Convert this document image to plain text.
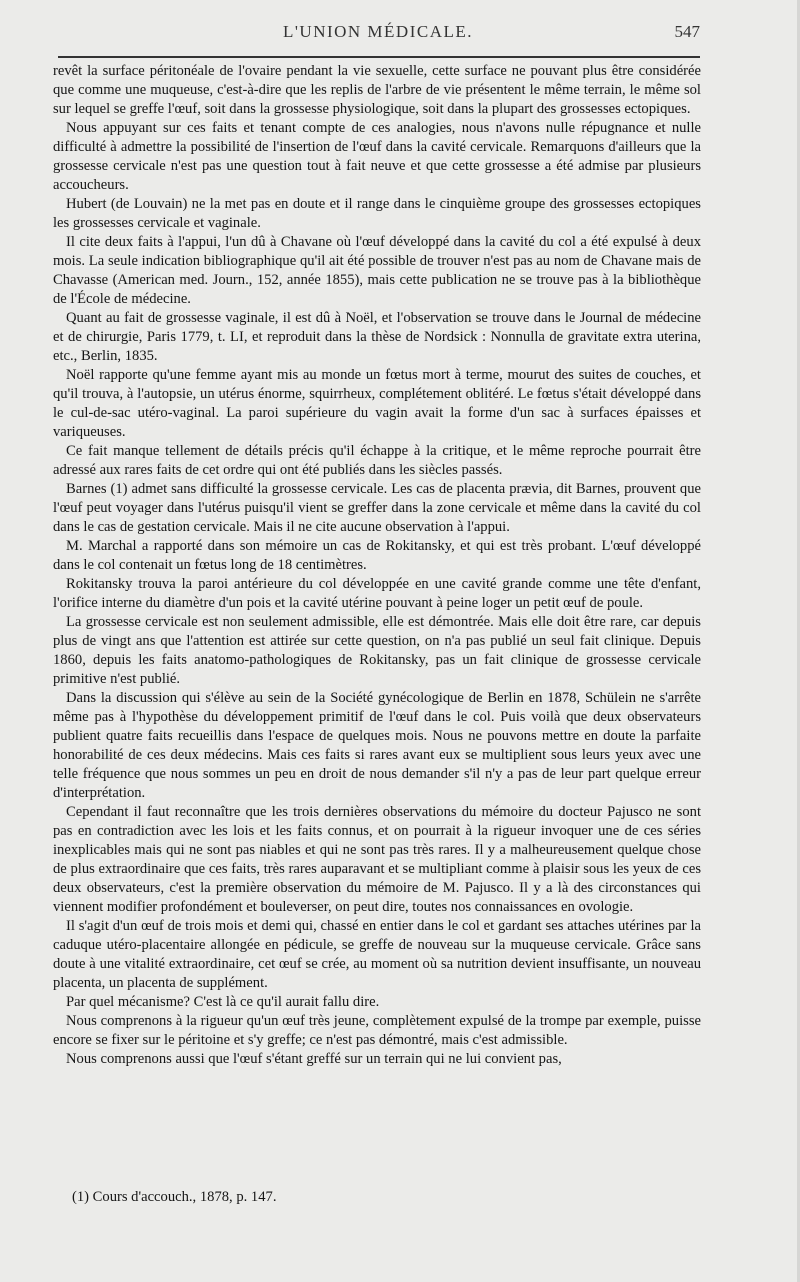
L'UNION MÉDICALE.	547

revêt la surface péritonéale de l'ovaire pendant la vie sexuelle, cette surface ne pouvant plus être considérée que comme une muqueuse, c'est-à-dire que les replis de l'arbre de vie présentent le même terrain, le même sol sur lequel se greffe l'œuf, soit dans la grossesse physiologique, soit dans la plupart des grossesses ectopiques.

Nous appuyant sur ces faits et tenant compte de ces analogies, nous n'avons nulle répugnance et nulle difficulté à admettre la possibilité de l'insertion de l'œuf dans la cavité cervicale. Remarquons d'ailleurs que la grossesse cervicale n'est pas une question tout à fait neuve et que cette grossesse a été admise par plusieurs accoucheurs.

Hubert (de Louvain) ne la met pas en doute et il range dans le cinquième groupe des grossesses ectopiques les grossesses cervicale et vaginale.

Il cite deux faits à l'appui, l'un dû à Chavane où l'œuf développé dans la cavité du col a été expulsé à deux mois. La seule indication bibliographique qu'il ait été possible de trouver n'est pas au nom de Chavane mais de Chavasse (American med. Journ., 152, année 1855), mais cette publication ne se trouve pas à la bibliothèque de l'École de médecine.

Quant au fait de grossesse vaginale, il est dû à Noël, et l'observation se trouve dans le Journal de médecine et de chirurgie, Paris 1779, t. LI, et reproduit dans la thèse de Nordsick : Nonnulla de gravitate extra uterina, etc., Berlin, 1835.

Noël rapporte qu'une femme ayant mis au monde un fœtus mort à terme, mourut des suites de couches, et qu'il trouva, à l'autopsie, un utérus énorme, squirrheux, complétement oblitéré. Le fœtus s'était développé dans le cul-de-sac utéro-vaginal. La paroi supérieure du vagin avait la forme d'un sac à surfaces épaisses et variqueuses.

Ce fait manque tellement de détails précis qu'il échappe à la critique, et le même reproche pourrait être adressé aux rares faits de cet ordre qui ont été publiés dans les siècles passés.

Barnes (1) admet sans difficulté la grossesse cervicale. Les cas de placenta prævia, dit Barnes, prouvent que l'œuf peut voyager dans l'utérus puisqu'il vient se greffer dans la zone cervicale et même dans la cavité du col dans le cas de gestation cervicale. Mais il ne cite aucune observation à l'appui.

M. Marchal a rapporté dans son mémoire un cas de Rokitansky, et qui est très probant. L'œuf développé dans le col contenait un fœtus long de 18 centimètres.

Rokitansky trouva la paroi antérieure du col développée en une cavité grande comme une tête d'enfant, l'orifice interne du diamètre d'un pois et la cavité utérine pouvant à peine loger un petit œuf de poule.

La grossesse cervicale est non seulement admissible, elle est démontrée. Mais elle doit être rare, car depuis plus de vingt ans que l'attention est attirée sur cette question, on n'a pas publié un seul fait clinique. Depuis 1860, depuis les faits anatomo-pathologiques de Rokitansky, pas un fait clinique de grossesse cervicale primitive n'est publié.

Dans la discussion qui s'élève au sein de la Société gynécologique de Berlin en 1878, Schülein ne s'arrête même pas à l'hypothèse du développement primitif de l'œuf dans le col. Puis voilà que deux observateurs publient quatre faits recueillis dans l'espace de quelques mois. Nous ne pouvons mettre en doute la parfaite honorabilité de ces deux médecins. Mais ces faits si rares avant eux se multiplient sous leurs yeux avec une telle fréquence que nous sommes un peu en droit de nous demander s'il n'y a pas de leur part quelque erreur d'interprétation.

Cependant il faut reconnaître que les trois dernières observations du mémoire du docteur Pajusco ne sont pas en contradiction avec les lois et les faits connus, et on pourrait à la rigueur invoquer une de ces séries inexplicables mais qui ne sont pas niables et qui ne sont pas très rares. Il y a malheureusement quelque chose de plus extraordinaire que ces faits, très rares auparavant et se multipliant comme à plaisir sous les yeux de ces deux observateurs, c'est la première observation du mémoire de M. Pajusco. Il y a là des circonstances qui viennent modifier profondément et bouleverser, on peut dire, toutes nos connaissances en ovologie.

Il s'agit d'un œuf de trois mois et demi qui, chassé en entier dans le col et gardant ses attaches utérines par la caduque utéro-placentaire allongée en pédicule, se greffe de nouveau sur la muqueuse cervicale. Grâce sans doute à une vitalité extraordinaire, cet œuf se crée, au moment où sa nutrition devient insuffisante, un nouveau placenta, un placenta de supplément.

Par quel mécanisme? C'est là ce qu'il aurait fallu dire.

Nous comprenons à la rigueur qu'un œuf très jeune, complètement expulsé de la trompe par exemple, puisse encore se fixer sur le péritoine et s'y greffe; ce n'est pas démontré, mais c'est admissible.

Nous comprenons aussi que l'œuf s'étant greffé sur un terrain qui ne lui convient pas,

(1) Cours d'accouch., 1878, p. 147.
